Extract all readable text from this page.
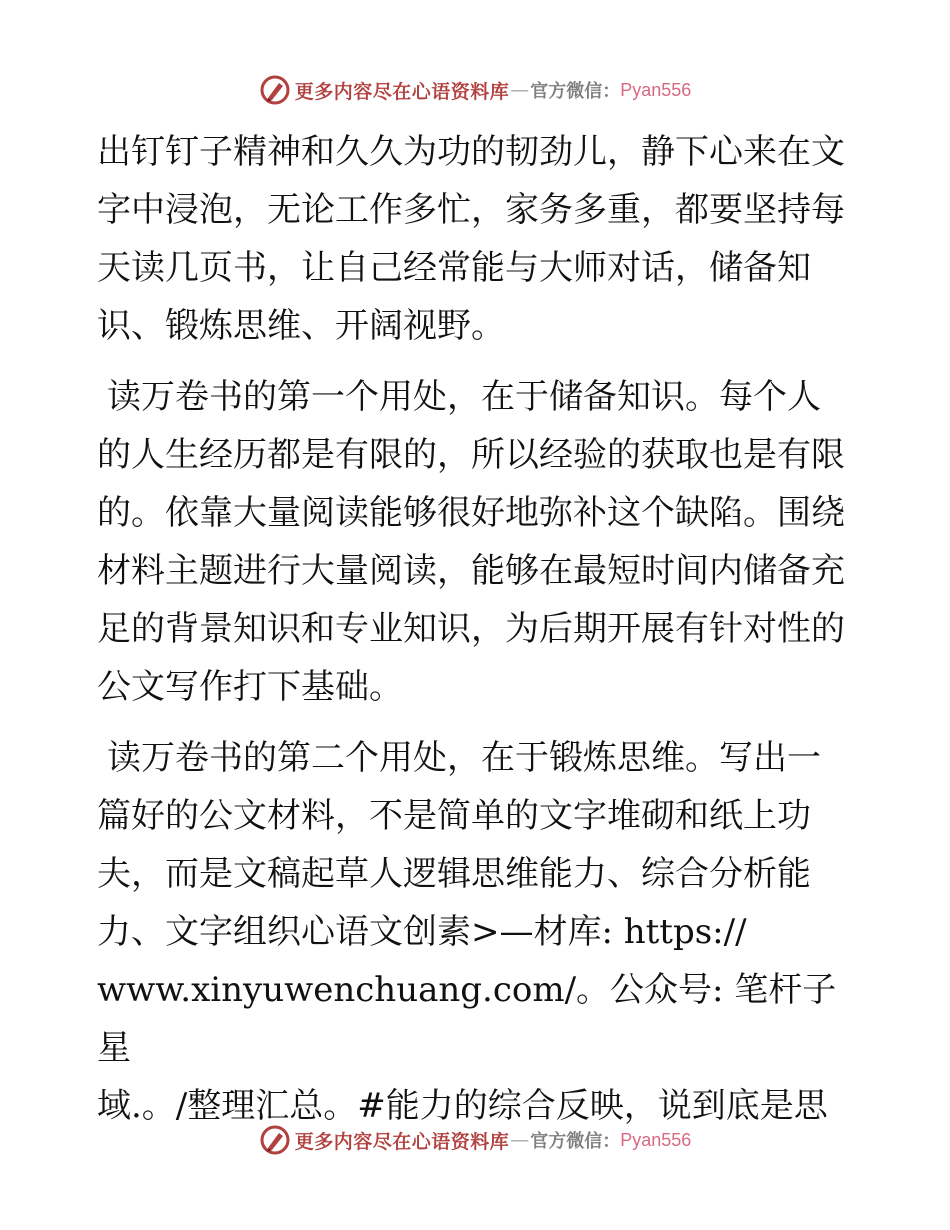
更多内容尽在心语资料库 — 官方微信： Pyan556
出钉钉子精神和久久为功的韧劲儿，静下心来在文
字中浸泡，无论工作多忙，家务多重，都要坚持每
天读几页书，让自己经常能与大师对话，储备知
识、锻炼思维、开阔视野。
读万卷书的第一个用处，在于储备知识。每个人
的人生经历都是有限的，所以经验的获取也是有限
的。依靠大量阅读能够很好地弥补这个缺陷。围绕
材料主题进行大量阅读，能够在最短时间内储备充
足的背景知识和专业知识，为后期开展有针对性的
公文写作打下基础。
读万卷书的第二个用处，在于锻炼思维。写出一
篇好的公文材料，不是简单的文字堆砌和纸上功
夫，而是文稿起草人逻辑思维能力、综合分析能
力、文字组织心语文创素>—材库: https://
www.xinyuwenchuang.com/。公众号: 笔杆子星
域.。/整理汇总。#能力的综合反映，说到底是思
更多内容尽在心语资料库 — 官方微信： Pyan556
